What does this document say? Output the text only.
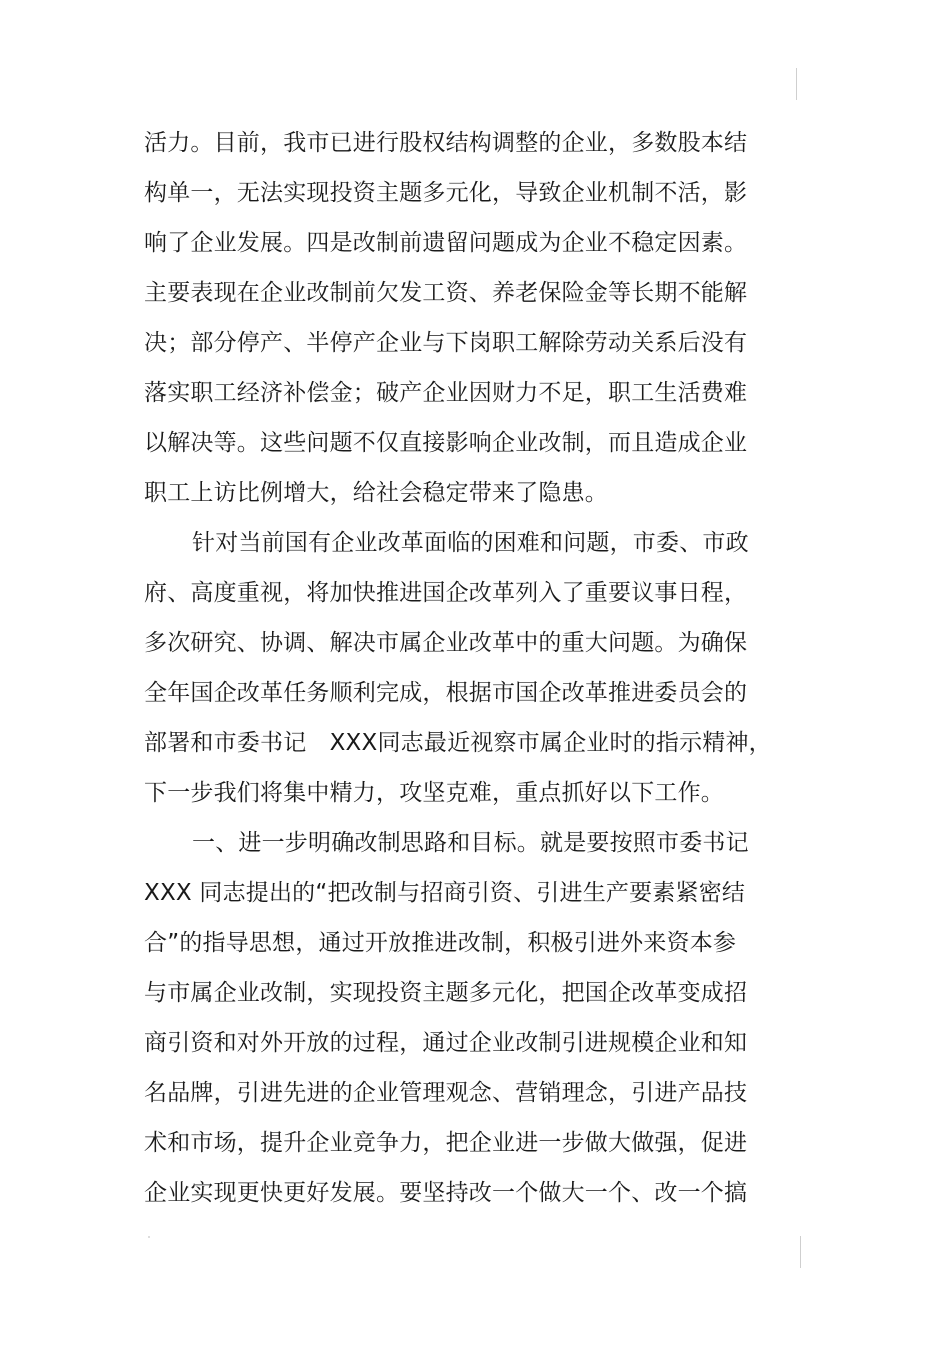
活力。目前，我市已进行股权结构调整的企业，多数股本结
构单一，无法实现投资主题多元化，导致企业机制不活，影
响了企业发展。四是改制前遗留问题成为企业不稳定因素。
主要表现在企业改制前欠发工资、养老保险金等长期不能解
决；部分停产、半停产企业与下岗职工解除劳动关系后没有
落实职工经济补偿金；破产企业因财力不足，职工生活费难
以解决等。这些问题不仅直接影响企业改制，而且造成企业
职工上访比例增大，给社会稳定带来了隐患。
针对当前国有企业改革面临的困难和问题，市委、市政
府、高度重视，将加快推进国企改革列入了重要议事日程，
多次研究、协调、解决市属企业改革中的重大问题。为确保
全年国企改革任务顺利完成，根据市国企改革推进委员会的
部署和市委书记　XXX同志最近视察市属企业时的指示精神，
下一步我们将集中精力，攻坚克难，重点抓好以下工作。
一、进一步明确改制思路和目标。就是要按照市委书记
XXX 同志提出的“把改制与招商引资、引进生产要素紧密结
合”的指导思想，通过开放推进改制，积极引进外来资本参
与市属企业改制，实现投资主题多元化，把国企改革变成招
商引资和对外开放的过程，通过企业改制引进规模企业和知
名品牌，引进先进的企业管理观念、营销理念，引进产品技
术和市场，提升企业竞争力，把企业进一步做大做强，促进
企业实现更快更好发展。要坚持改一个做大一个、改一个搞
